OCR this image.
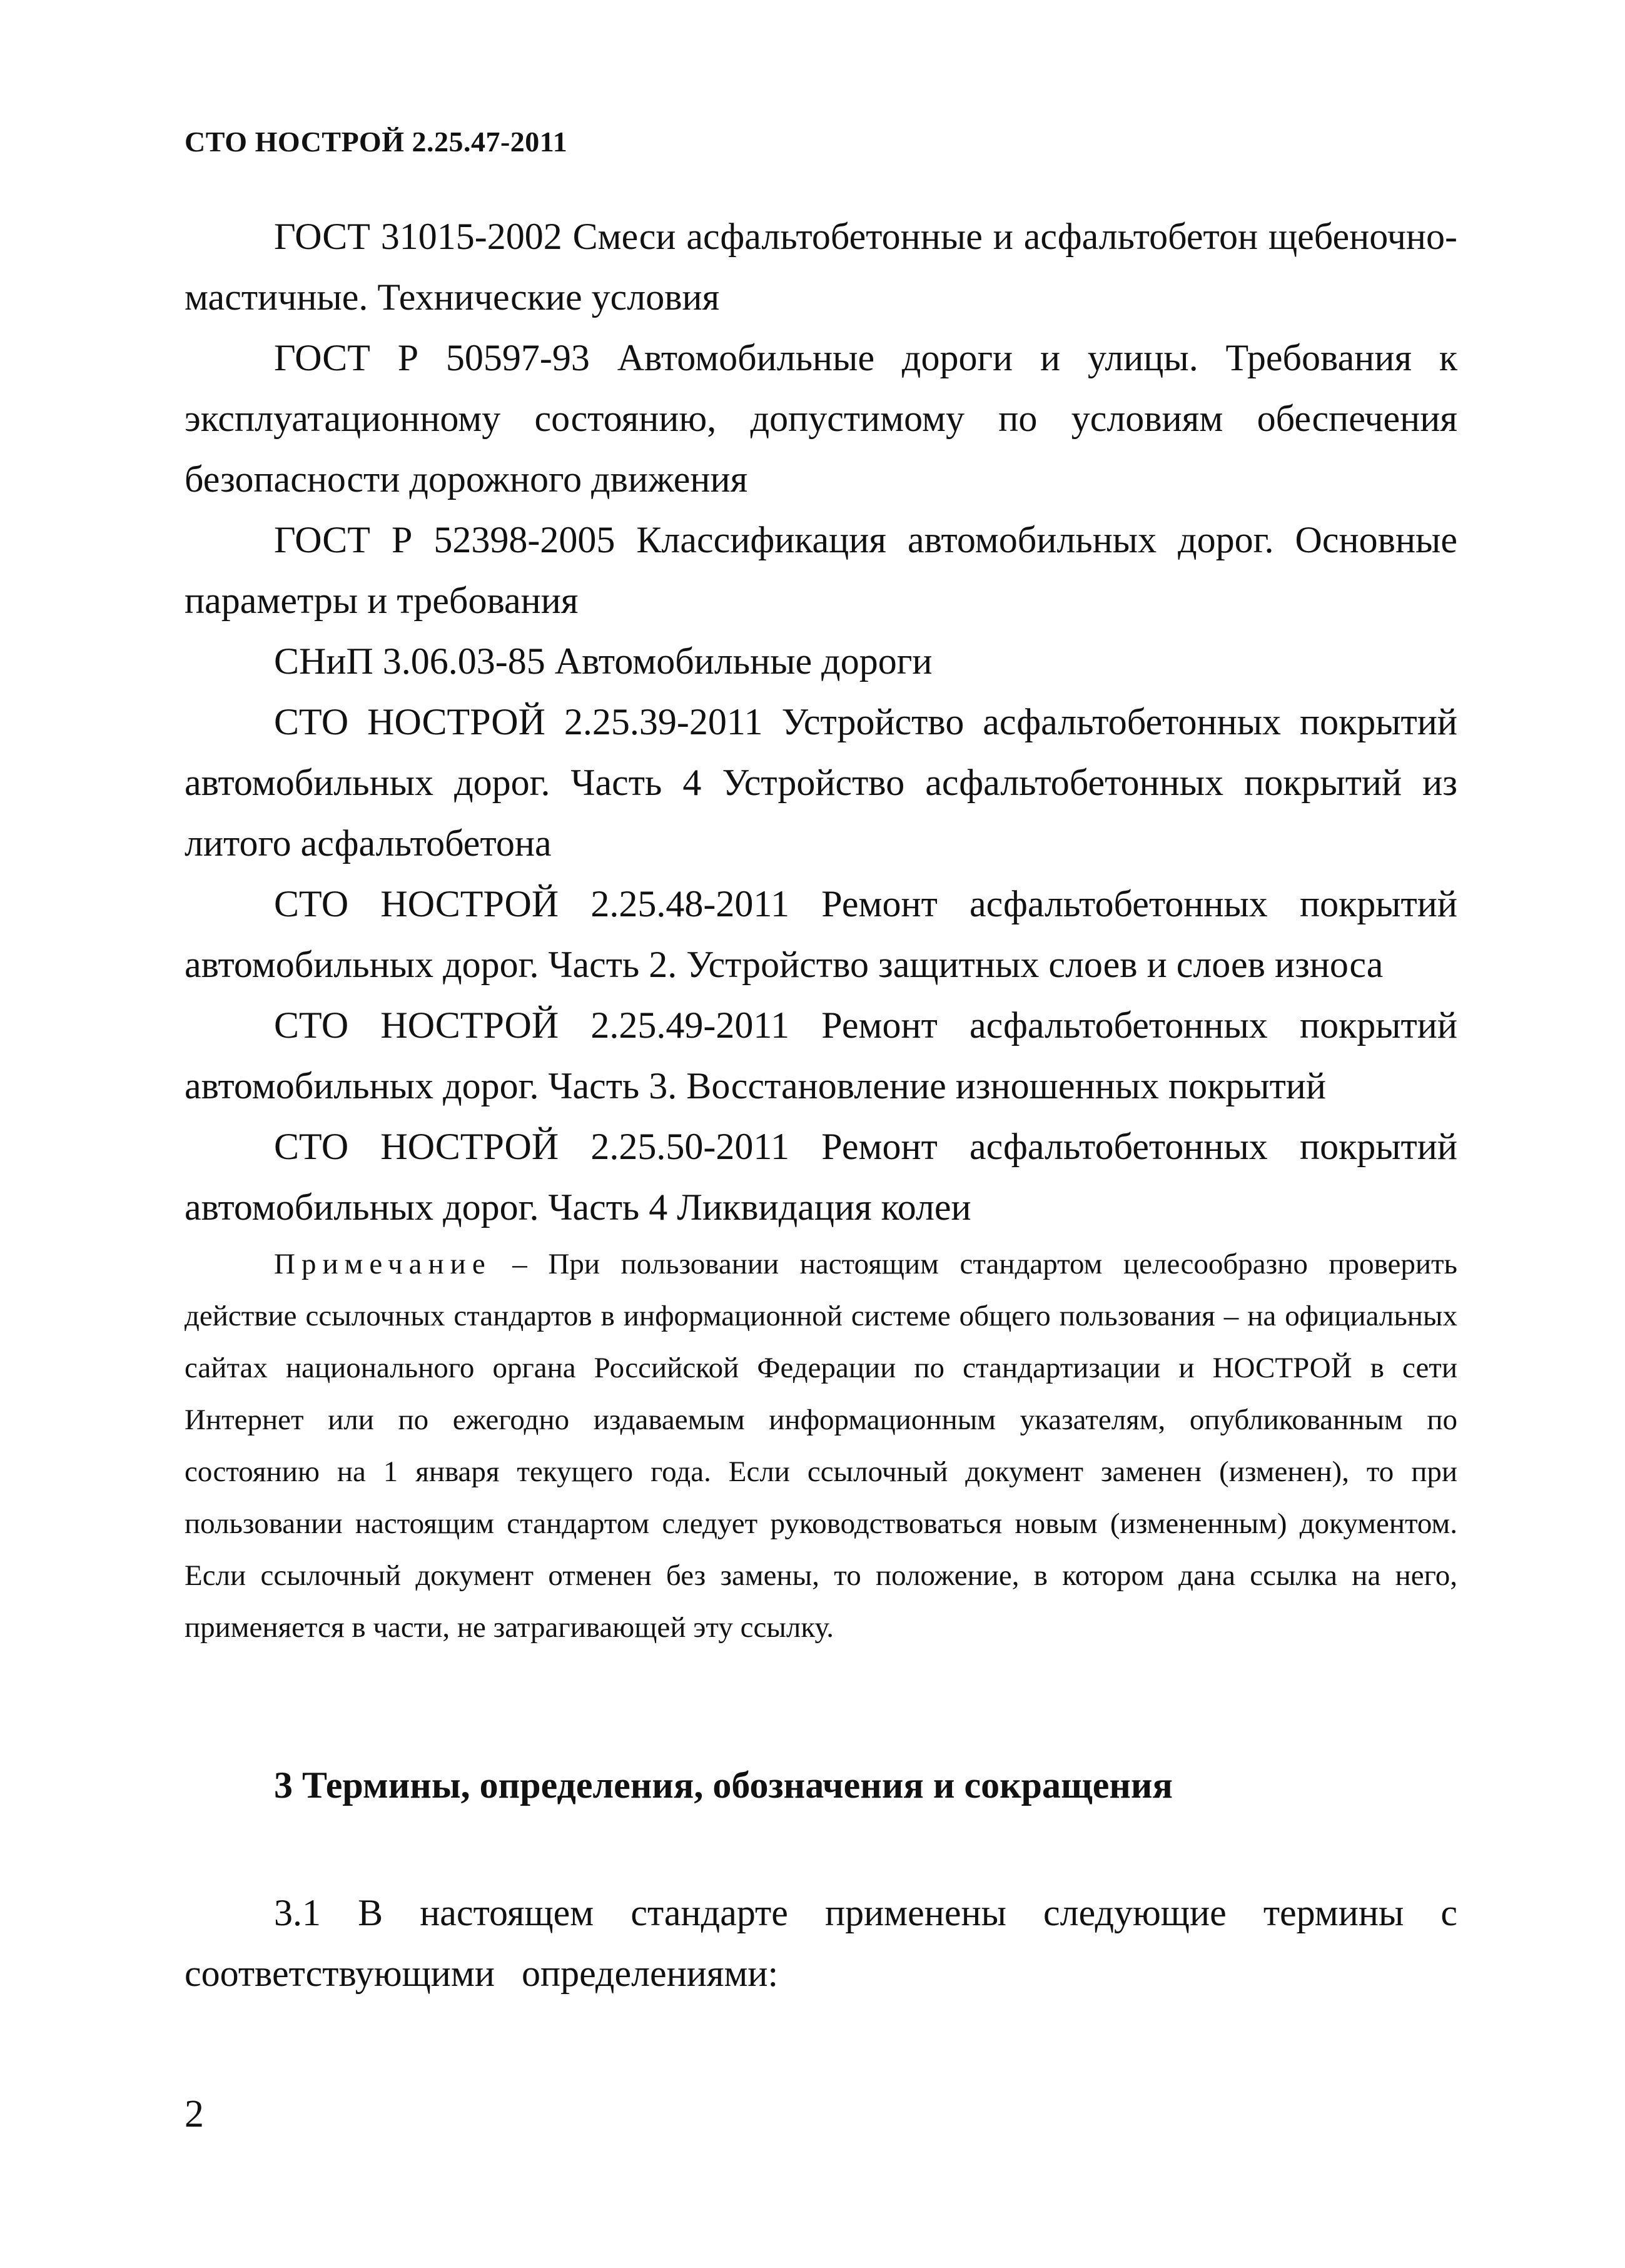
СТО НОСТРОЙ 2.25.47-2011

ГОСТ 31015-2002 Смеси асфальтобетонные и асфальтобетон щебеночно-мастичные. Технические условия

ГОСТ Р 50597-93 Автомобильные дороги и улицы. Требования к эксплуатационному состоянию, допустимому по условиям обеспечения безопасности дорожного движения

ГОСТ Р 52398-2005 Классификация автомобильных дорог. Основные параметры и требования

СНиП 3.06.03-85 Автомобильные дороги

СТО НОСТРОЙ 2.25.39-2011 Устройство асфальтобетонных покрытий автомобильных дорог. Часть 4 Устройство асфальтобетонных покрытий из литого асфальтобетона

СТО НОСТРОЙ 2.25.48-2011 Ремонт асфальтобетонных покрытий автомобильных дорог. Часть 2. Устройство защитных слоев и слоев износа

СТО НОСТРОЙ 2.25.49-2011 Ремонт асфальтобетонных покрытий автомобильных дорог. Часть 3. Восстановление изношенных покрытий

СТО НОСТРОЙ 2.25.50-2011 Ремонт асфальтобетонных покрытий автомобильных дорог. Часть 4 Ликвидация колеи

Примечание – При пользовании настоящим стандартом целесообразно проверить действие ссылочных стандартов в информационной системе общего пользования – на официальных сайтах национального органа Российской Федерации по стандартизации и НОСТРОЙ в сети Интернет или по ежегодно издаваемым информационным указателям, опубликованным по состоянию на 1 января текущего года. Если ссылочный документ заменен (изменен), то при пользовании настоящим стандартом следует руководствоваться новым (измененным) документом. Если ссылочный документ отменен без замены, то положение, в котором дана ссылка на него, применяется в части, не затрагивающей эту ссылку.

3 Термины, определения, обозначения и сокращения

3.1 В настоящем стандарте применены следующие термины с соответствующими определениями:

2
